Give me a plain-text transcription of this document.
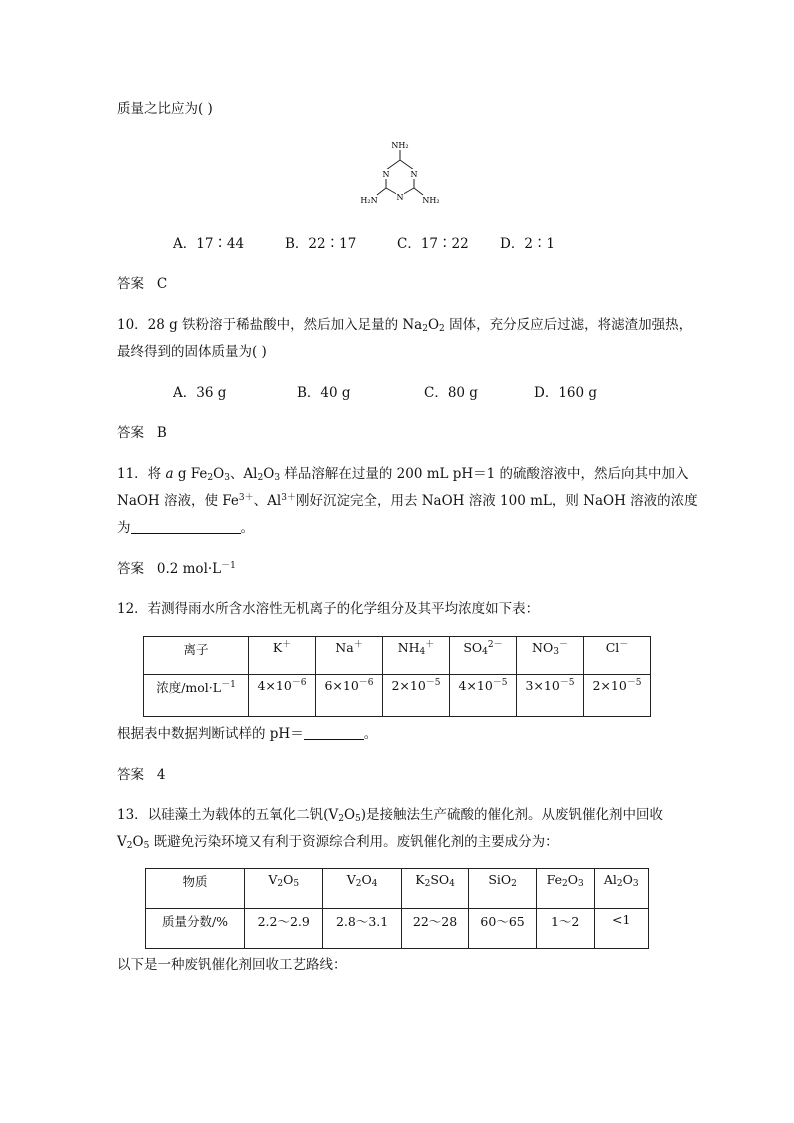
质量之比应为( )
NH₂
N	N
N
H₂N	NH₂
A．17∶44	B．22∶17	C．17∶22 D．2∶1
答案 C
10．28 g 铁粉溶于稀盐酸中，然后加入足量的 $Na_2O_2$ 固体，充分反应后过滤，将滤渣加强热，
最终得到的固体质量为( )
A．36 g	B．40 g	C．80 g	D．160 g
答案 B
11．将 a g $Fe_2O_3$、$Al_2O_3$ 样品溶解在过量的 200 mL pH＝1 的硫酸溶液中，然后向其中加入
NaOH 溶液，使 $Fe^{3+}$、$Al^{3+}$刚好沉淀完全，用去 NaOH 溶液 100 mL，则 NaOH 溶液的浓度
为	。
答案 0.2 $mol\cdot L^{-1}$
12．若测得雨水所含水溶性无机离子的化学组分及其平均浓度如下表：
离子	K＋	Na＋	$NH_4^+$	$SO_4^{2-}$	$NO_3^-$	Cl－
浓度$/mol\cdot L^{-1}$	$4\times 10^{-6}$	$6\times 10^{-6}$	$2\times 10^{-5}$	$4\times 10^{-5}$	$3\times 10^{-5}$	$2\times 10^{-5}$
根据表中数据判断试样的 pH＝	。
答案 4
13．以硅藻土为载体的五氧化二钒$(V_2O_5)$是接触法生产硫酸的催化剂。从废钒催化剂中回收
$V_2O_5$ 既避免污染环境又有利于资源综合利用。废钒催化剂的主要成分为：
物质	$V_2O_5$	$V_2O_4$	$K_2SO_4$	SiO$_2$	$Fe_2O_3$	$Al_2O_3$
质量分数/%	2.2～2.9	2.8～3.1	22～28	60～65	1～2	<1
以下是一种废钒催化剂回收工艺路线：
